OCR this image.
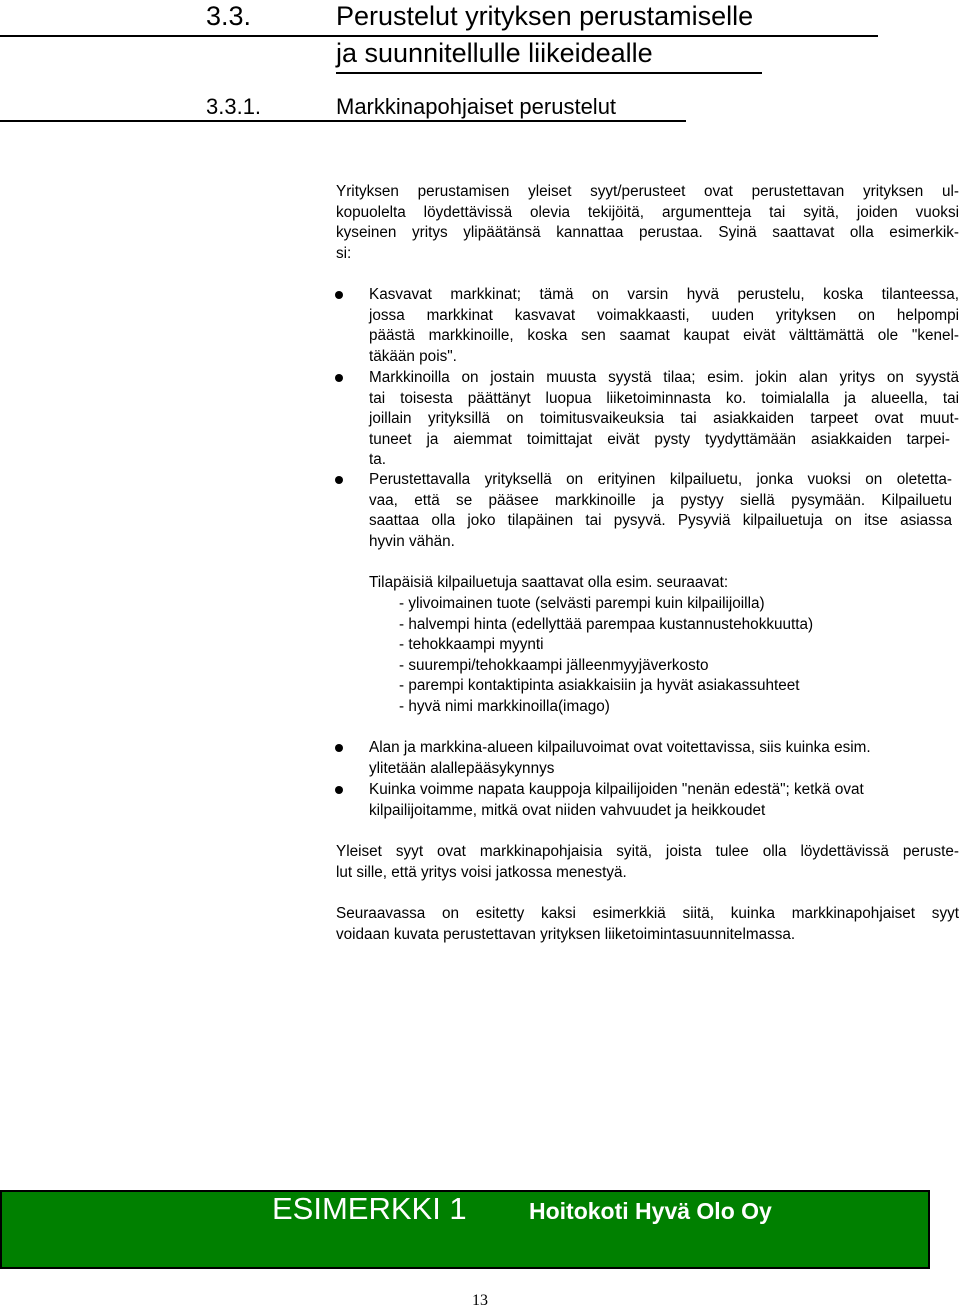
3.3.	Perustelut yrityksen perustamiselle
ja suunnitellulle liikeidealle
3.3.1.	Markkinapohjaiset perustelut
Yrityksen perustamisen yleiset syyt/perusteet ovat perustettavan yrityksen ul-
kopuolelta löydettävissä olevia tekijöitä, argumentteja tai syitä, joiden vuoksi
kyseinen yritys ylipäätänsä kannattaa perustaa. Syinä saattavat olla esimerkik-
si:
Kasvavat markkinat; tämä on varsin hyvä perustelu, koska tilanteessa,
jossa markkinat kasvavat voimakkaasti, uuden yrityksen on helpompi
päästä markkinoille, koska sen saamat kaupat eivät välttämättä ole "kenel-
täkään pois".
Markkinoilla on jostain muusta syystä tilaa; esim. jokin alan yritys on syystä
tai toisesta päättänyt luopua liiketoiminnasta ko. toimialalla ja alueella, tai
joillain yrityksillä on toimitusvaikeuksia tai asiakkaiden tarpeet ovat muut-
tuneet ja aiemmat toimittajat eivät pysty tyydyttämään asiakkaiden tarpei-
ta.
Perustettavalla yrityksellä on erityinen kilpailuetu, jonka vuoksi on oletetta-
vaa, että se pääsee markkinoille ja pystyy siellä pysymään. Kilpailuetu
saattaa olla joko tilapäinen tai pysyvä. Pysyviä kilpailuetuja on itse asiassa
hyvin vähän.
Tilapäisiä kilpailuetuja saattavat olla esim. seuraavat:
- ylivoimainen tuote (selvästi parempi kuin kilpailijoilla)
- halvempi hinta (edellyttää parempaa kustannustehokkuutta)
- tehokkaampi myynti
- suurempi/tehokkaampi jälleenmyyjäverkosto
- parempi kontaktipinta asiakkaisiin ja hyvät asiakassuhteet
- hyvä nimi markkinoilla(imago)
Alan ja markkina-alueen kilpailuvoimat ovat voitettavissa, siis kuinka esim.
ylitetään alallepääsykynnys
Kuinka voimme napata kauppoja kilpailijoiden "nenän edestä"; ketkä ovat
kilpailijoitamme, mitkä ovat niiden vahvuudet ja heikkoudet
Yleiset syyt ovat markkinapohjaisia syitä, joista tulee olla löydettävissä peruste-
lut sille, että yritys voisi jatkossa menestyä.
Seuraavassa on esitetty kaksi esimerkkiä siitä, kuinka markkinapohjaiset syyt
voidaan kuvata perustettavan yrityksen liiketoimintasuunnitelmassa.
ESIMERKKI 1	Hoitokoti Hyvä Olo Oy
13
